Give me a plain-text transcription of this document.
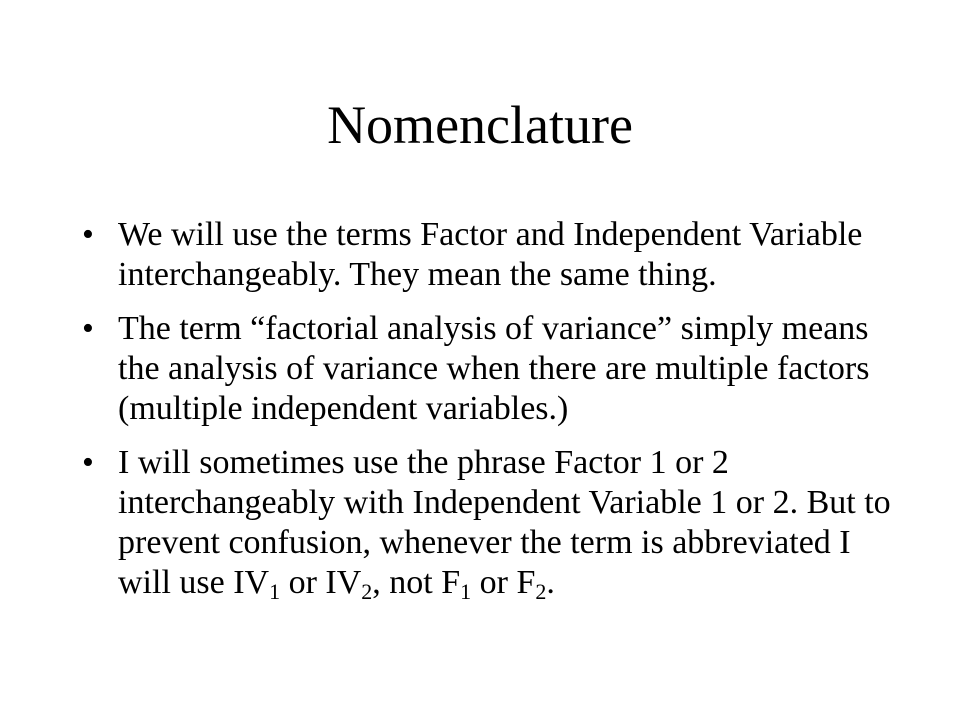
Nomenclature
• We will use the terms Factor and Independent Variable interchangeably. They mean the same thing.
• The term “factorial analysis of variance” simply means the analysis of variance when there are multiple factors (multiple independent variables.)
• I will sometimes use the phrase Factor 1 or 2 interchangeably with Independent Variable 1 or 2. But to prevent confusion, whenever the term is abbreviated I will use $IV_1$ or $IV_2$, not $F_1$ or $F_2$.
